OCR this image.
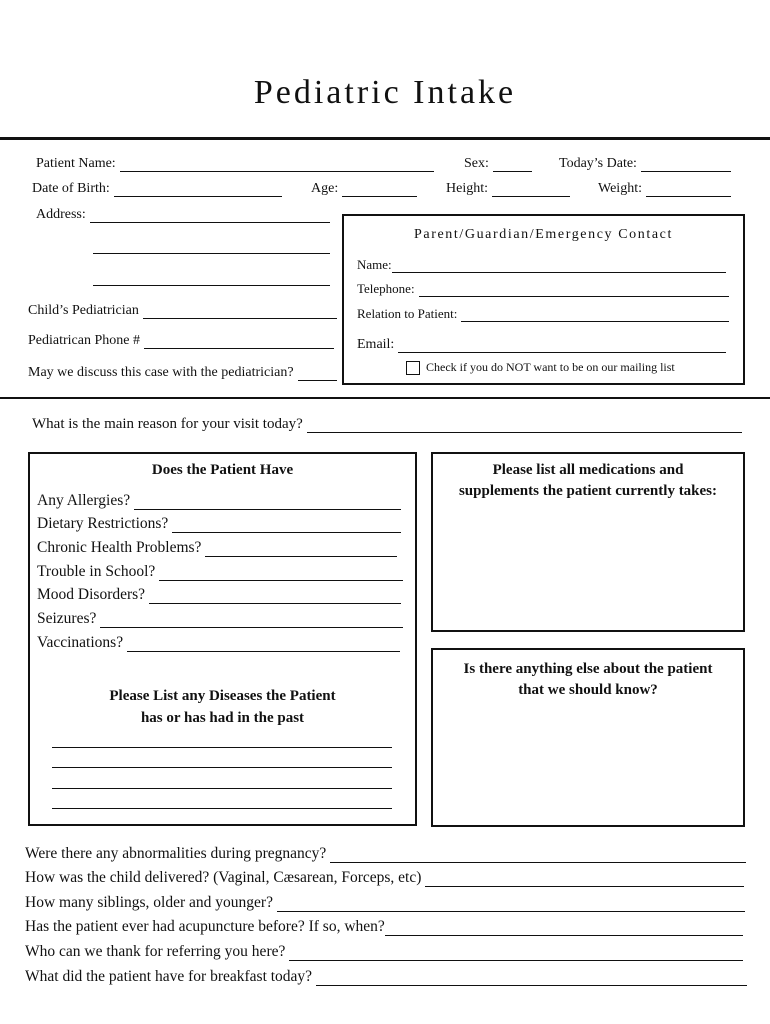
Pediatric Intake
Patient Name:	Sex:	Today’s Date:
Date of Birth:	Age:	Height:	Weight:
Address:
Child’s Pediatrician
Pediatrican Phone #
May we discuss this case with the pediatrician?
Parent/Guardian/Emergency Contact
Name:
Telephone:
Relation to Patient:
Email:
Check if you do NOT want to be on our mailing list
What is the main reason for your visit today?
Does the Patient Have
Any Allergies?
Dietary Restrictions?
Chronic Health Problems?
Trouble in School?
Mood Disorders?
Seizures?
Vaccinations?
Please List any Diseases the Patient
has or has had in the past
Please list all medications and
supplements the patient currently takes:
Is there anything else about the patient
that we should know?
Were there any abnormalities during pregnancy?
How was the child delivered? (Vaginal, Cæsarean, Forceps, etc)
How many siblings, older and younger?
Has the patient ever had acupuncture before? If so, when?
Who can we thank for referring you here?
What did the patient have for breakfast today?
